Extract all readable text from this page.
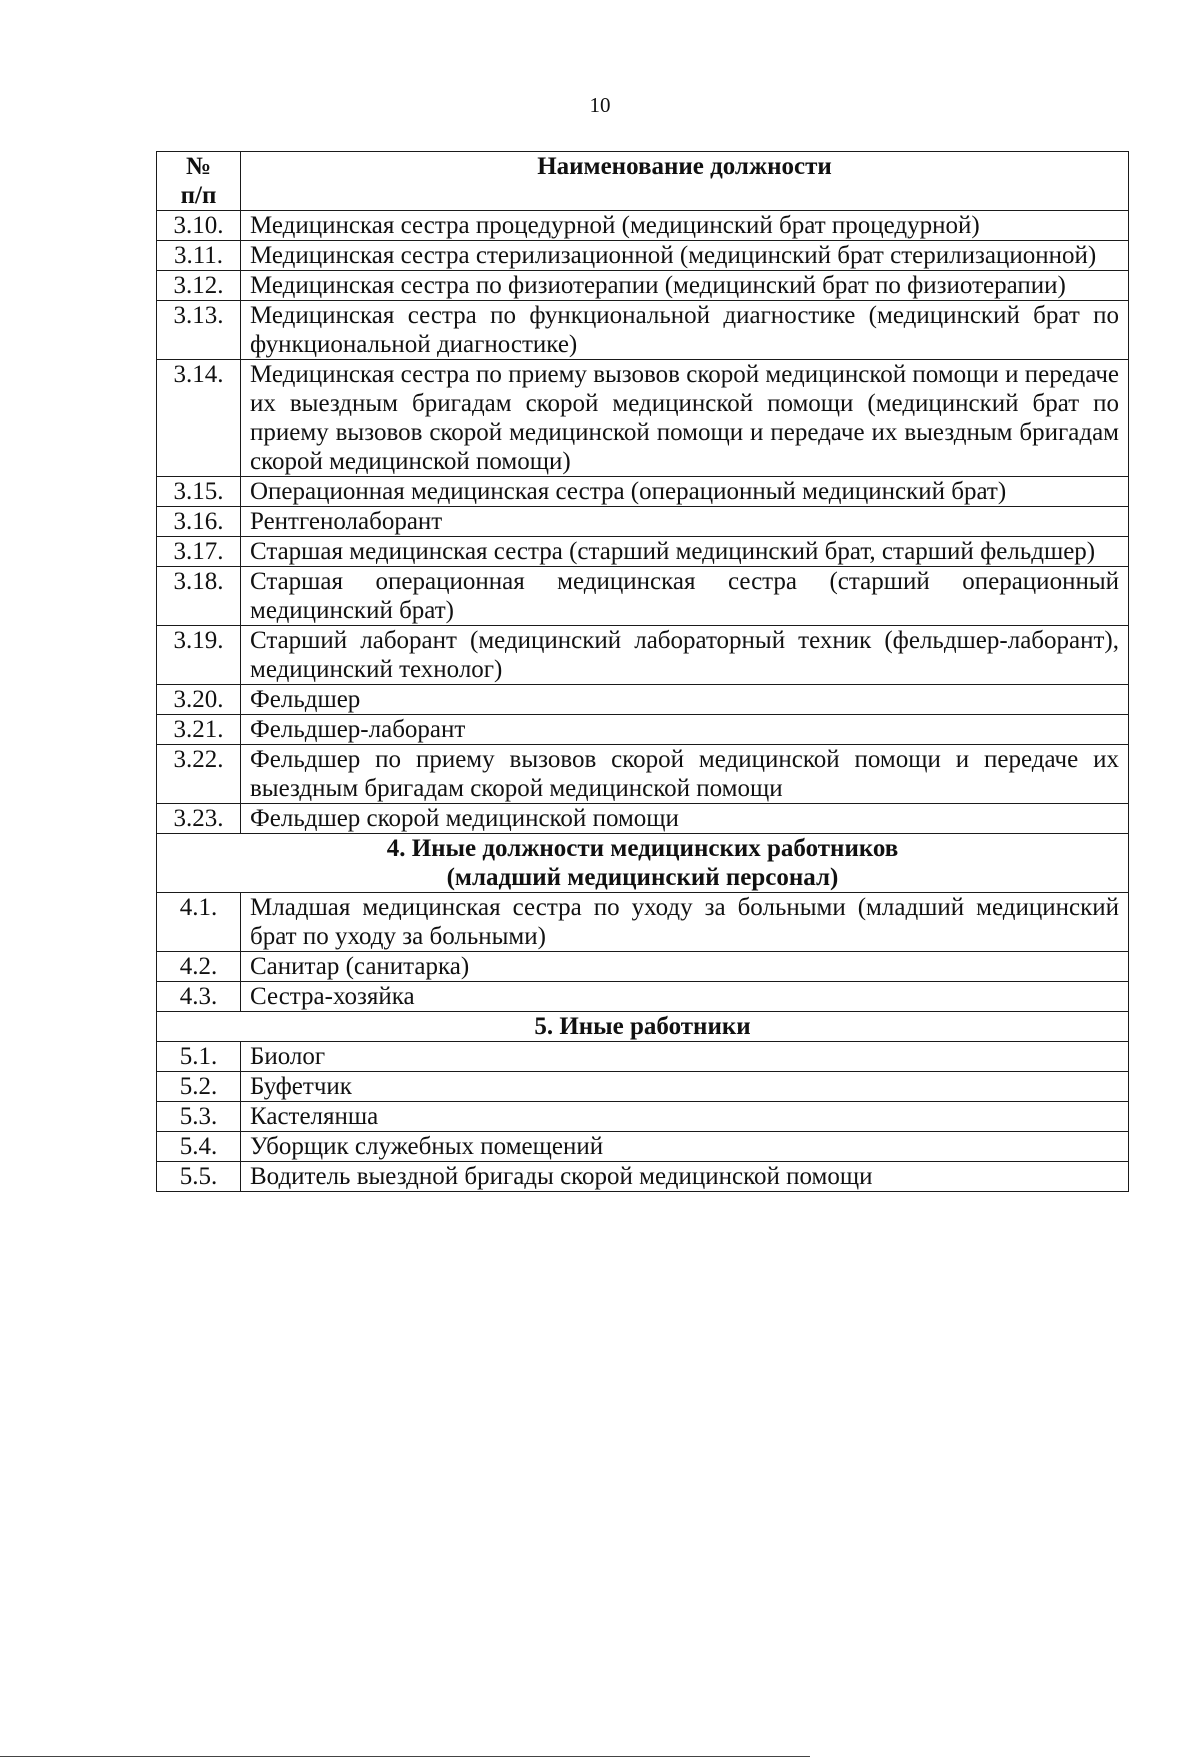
10
№
п/п	Наименование должности
3.10.	Медицинская сестра процедурной (медицинский брат процедурной)
3.11.	Медицинская сестра стерилизационной (медицинский брат стерилизационной)
3.12.	Медицинская сестра по физиотерапии (медицинский брат по физиотерапии)
3.13.	Медицинская сестра по функциональной диагностике (медицинский брат по функциональной диагностике)
3.14.	Медицинская сестра по приему вызовов скорой медицинской помощи и передаче их выездным бригадам скорой медицинской помощи (медицинский брат по приему вызовов скорой медицинской помощи и передаче их выездным бригадам скорой медицинской помощи)
3.15.	Операционная медицинская сестра (операционный медицинский брат)
3.16.	Рентгенолаборант
3.17.	Старшая медицинская сестра (старший медицинский брат, старший фельдшер)
3.18.	Старшая операционная медицинская сестра (старший операционный медицинский брат)
3.19.	Старший лаборант (медицинский лабораторный техник (фельдшер-лаборант), медицинский технолог)
3.20.	Фельдшер
3.21.	Фельдшер-лаборант
3.22.	Фельдшер по приему вызовов скорой медицинской помощи и передаче их выездным бригадам скорой медицинской помощи
3.23.	Фельдшер скорой медицинской помощи

4. Иные должности медицинских работников
(младший медицинский персонал)	

4.1.	Младшая медицинская сестра по уходу за больными (младший медицинский брат по уходу за больными)
4.2.	Санитар (санитарка)
4.3.	Сестра-хозяйка

5. Иные работники	

5.1.	Биолог
5.2.	Буфетчик
5.3.	Кастелянша
5.4.	Уборщик служебных помещений
5.5.	Водитель выездной бригады скорой медицинской помощи
